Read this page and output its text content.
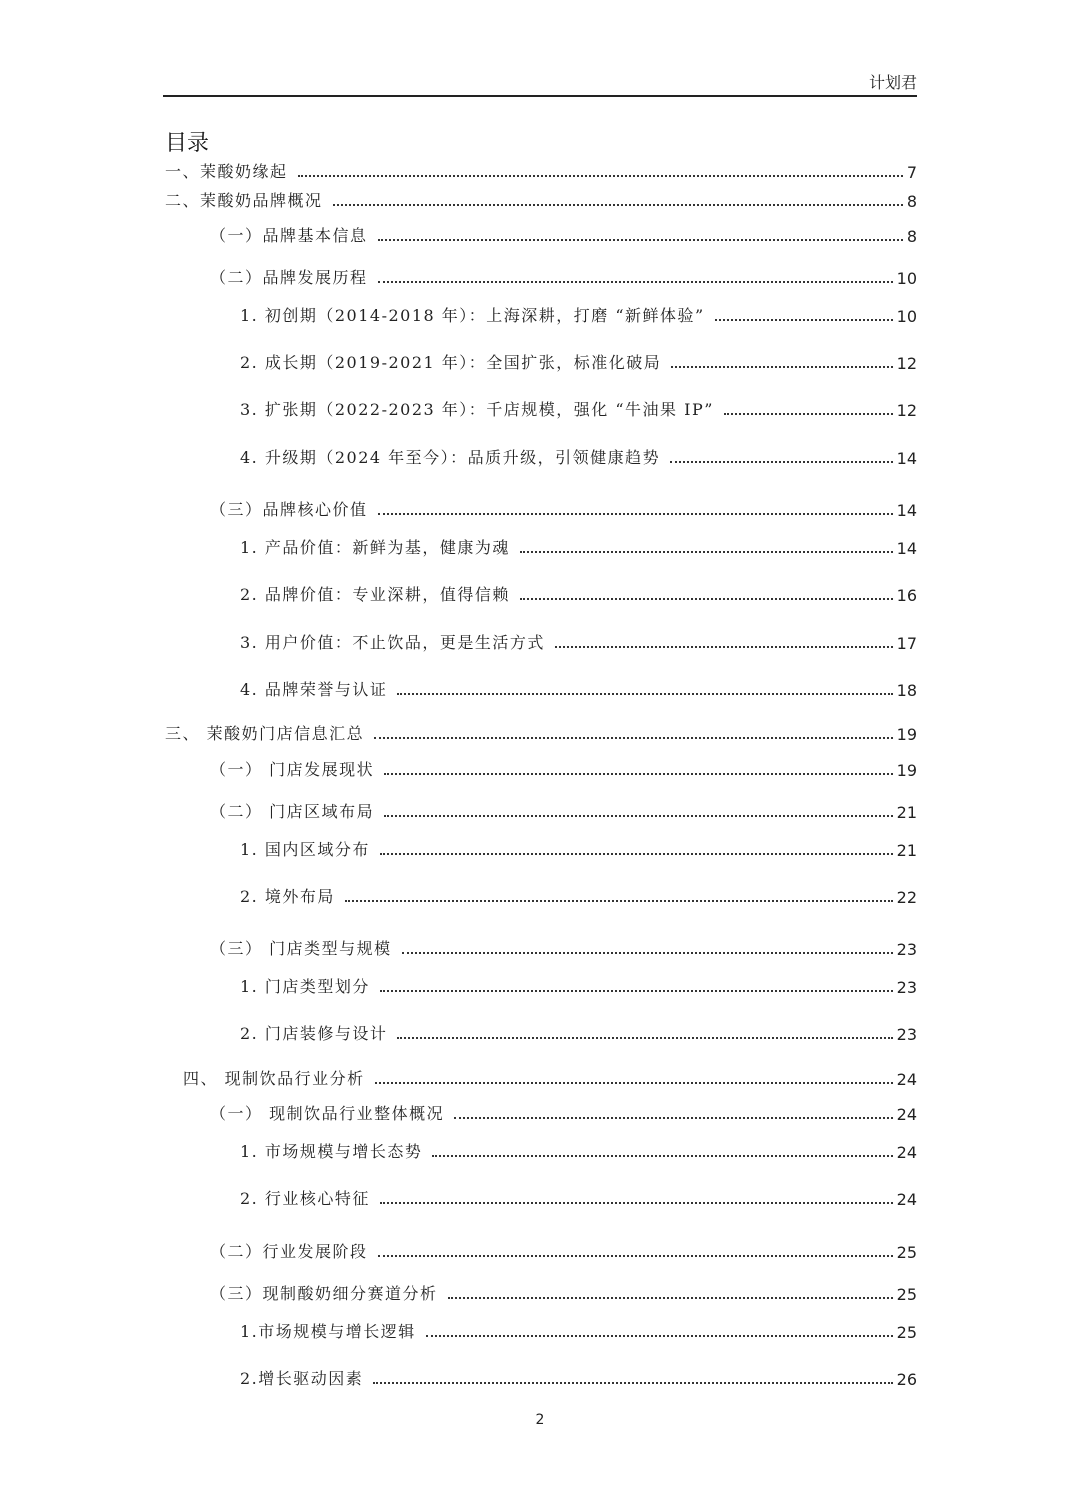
计划君
目录
一、茉酸奶缘起	7
二、茉酸奶品牌概况	8
（一）品牌基本信息	8
（二）品牌发展历程	10
1. 初创期（2014-2018 年）：上海深耕，打磨 “新鲜体验”	10
2. 成长期（2019-2021 年）：全国扩张，标准化破局	12
3. 扩张期（2022-2023 年）：千店规模，强化 “牛油果 IP”	12
4. 升级期（2024 年至今）：品质升级，引领健康趋势	14
（三）品牌核心价值	14
1. 产品价值：新鲜为基，健康为魂	14
2. 品牌价值：专业深耕，值得信赖	16
3. 用户价值：不止饮品，更是生活方式	17
4. 品牌荣誉与认证	18
三、 茉酸奶门店信息汇总	19
（一） 门店发展现状	19
（二） 门店区域布局	21
1. 国内区域分布	21
2. 境外布局	22
（三） 门店类型与规模	23
1. 门店类型划分	23
2. 门店装修与设计	23
四、 现制饮品行业分析	24
（一） 现制饮品行业整体概况	24
1. 市场规模与增长态势	24
2. 行业核心特征	24
（二）行业发展阶段	25
（三）现制酸奶细分赛道分析	25
1.市场规模与增长逻辑	25
2.增长驱动因素	26
2
